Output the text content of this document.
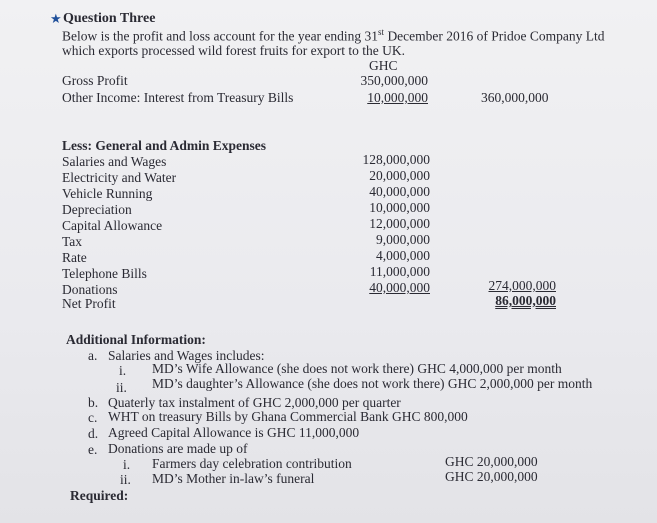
★ Question Three
Below is the profit and loss account for the year ending 31st December 2016 of Pridoe Company Ltd
which exports processed wild forest fruits for export to the UK.
GHC
Gross Profit	350,000,000
Other Income: Interest from Treasury Bills	10,000,000	360,000,000
Less: General and Admin Expenses
Salaries and Wages	128,000,000
Electricity and Water	20,000,000
Vehicle Running	40,000,000
Depreciation	10,000,000
Capital Allowance	12,000,000
Tax	9,000,000
Rate	4,000,000
Telephone Bills	11,000,000
Donations	40,000,000	274,000,000
Net Profit	86,000,000
Additional Information:
a. Salaries and Wages includes:
i. MD’s Wife Allowance (she does not work there) GHC 4,000,000 per month
ii. MD’s daughter’s Allowance (she does not work there) GHC 2,000,000 per month
b. Quaterly tax instalment of GHC 2,000,000 per quarter
c. WHT on treasury Bills by Ghana Commercial Bank GHC 800,000
d. Agreed Capital Allowance is GHC 11,000,000
e. Donations are made up of
i. Farmers day celebration contribution	GHC 20,000,000
ii. MD’s Mother in-law’s funeral	GHC 20,000,000
Required:
